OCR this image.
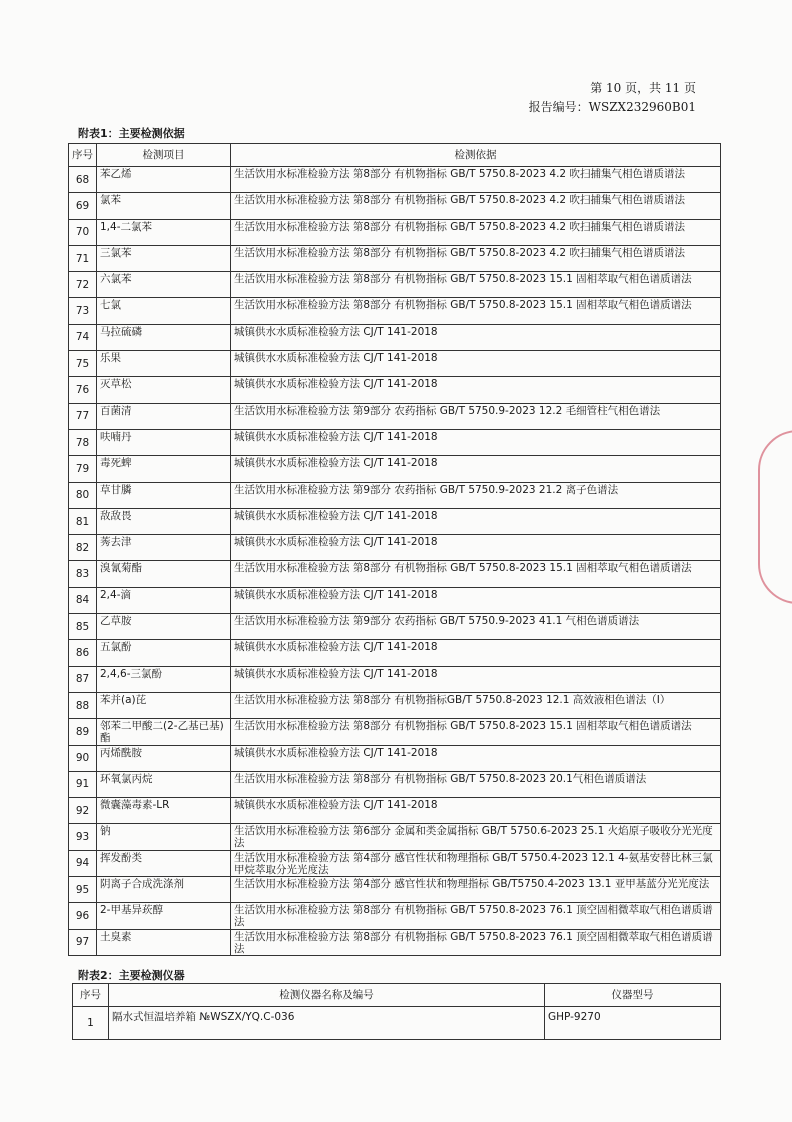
第 10 页，共 11 页
报告编号：WSZX232960B01
附表1：主要检测依据
序号	检测项目	检测依据
68	苯乙烯	生活饮用水标准检验方法 第8部分 有机物指标 GB/T 5750.8-2023 4.2 吹扫捕集气相色谱质谱法
69	氯苯	生活饮用水标准检验方法 第8部分 有机物指标 GB/T 5750.8-2023 4.2 吹扫捕集气相色谱质谱法
70	1,4-二氯苯	生活饮用水标准检验方法 第8部分 有机物指标 GB/T 5750.8-2023 4.2 吹扫捕集气相色谱质谱法
71	三氯苯	生活饮用水标准检验方法 第8部分 有机物指标 GB/T 5750.8-2023 4.2 吹扫捕集气相色谱质谱法
72	六氯苯	生活饮用水标准检验方法 第8部分 有机物指标 GB/T 5750.8-2023 15.1 固相萃取气相色谱质谱法
73	七氯	生活饮用水标准检验方法 第8部分 有机物指标 GB/T 5750.8-2023 15.1 固相萃取气相色谱质谱法
74	马拉硫磷	城镇供水水质标准检验方法 CJ/T 141-2018
75	乐果	城镇供水水质标准检验方法 CJ/T 141-2018
76	灭草松	城镇供水水质标准检验方法 CJ/T 141-2018
77	百菌清	生活饮用水标准检验方法 第9部分 农药指标 GB/T 5750.9-2023 12.2 毛细管柱气相色谱法
78	呋喃丹	城镇供水水质标准检验方法 CJ/T 141-2018
79	毒死蜱	城镇供水水质标准检验方法 CJ/T 141-2018
80	草甘膦	生活饮用水标准检验方法 第9部分 农药指标 GB/T 5750.9-2023 21.2 离子色谱法
81	敌敌畏	城镇供水水质标准检验方法 CJ/T 141-2018
82	莠去津	城镇供水水质标准检验方法 CJ/T 141-2018
83	溴氰菊酯	生活饮用水标准检验方法 第8部分 有机物指标 GB/T 5750.8-2023 15.1 固相萃取气相色谱质谱法
84	2,4-滴	城镇供水水质标准检验方法 CJ/T 141-2018
85	乙草胺	生活饮用水标准检验方法 第9部分 农药指标 GB/T 5750.9-2023 41.1 气相色谱质谱法
86	五氯酚	城镇供水水质标准检验方法 CJ/T 141-2018
87	2,4,6-三氯酚	城镇供水水质标准检验方法 CJ/T 141-2018
88	苯并(a)芘	生活饮用水标准检验方法 第8部分 有机物指标GB/T 5750.8-2023 12.1 高效液相色谱法（Ⅰ）
89	邻苯二甲酸二(2-乙基已基)酯	生活饮用水标准检验方法 第8部分 有机物指标 GB/T 5750.8-2023 15.1 固相萃取气相色谱质谱法
90	丙烯酰胺	城镇供水水质标准检验方法 CJ/T 141-2018
91	环氧氯丙烷	生活饮用水标准检验方法 第8部分 有机物指标 GB/T 5750.8-2023 20.1气相色谱质谱法
92	微囊藻毒素-LR	城镇供水水质标准检验方法 CJ/T 141-2018
93	钠	生活饮用水标准检验方法 第6部分 金属和类金属指标 GB/T 5750.6-2023 25.1 火焰原子吸收分光光度法
94	挥发酚类	生活饮用水标准检验方法 第4部分 感官性状和物理指标 GB/T 5750.4-2023 12.1 4-氨基安替比林三氯甲烷萃取分光光度法
95	阴离子合成洗涤剂	生活饮用水标准检验方法 第4部分 感官性状和物理指标 GB/T5750.4-2023 13.1 亚甲基蓝分光光度法
96	2-甲基异莰醇	生活饮用水标准检验方法 第8部分 有机物指标 GB/T 5750.8-2023 76.1 顶空固相微萃取气相色谱质谱法
97	土臭素	生活饮用水标准检验方法 第8部分 有机物指标 GB/T 5750.8-2023 76.1 顶空固相微萃取气相色谱质谱法
附表2：主要检测仪器
序号	检测仪器名称及编号	仪器型号
1	隔水式恒温培养箱 №WSZX/YQ.C-036	GHP-9270
